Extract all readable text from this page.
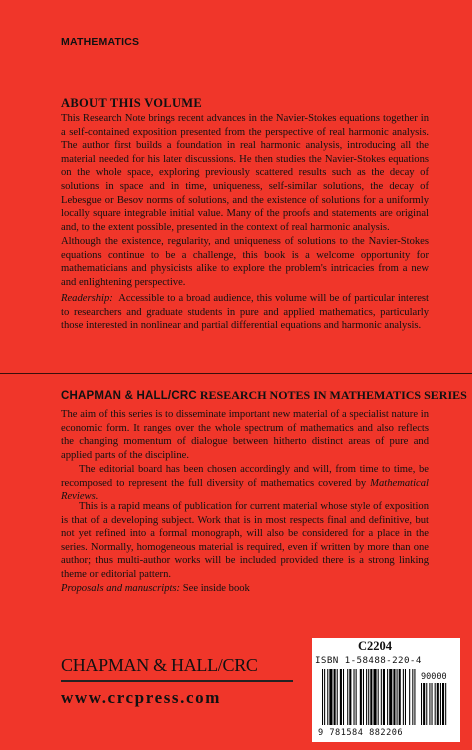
MATHEMATICS
ABOUT THIS VOLUME
This Research Note brings recent advances in the Navier-Stokes equations together in a self-contained exposition presented from the perspective of real harmonic analysis. The author first builds a foundation in real harmonic analysis, introducing all the material needed for his later discussions. He then studies the Navier-Stokes equations on the whole space, exploring previously scattered results such as the decay of solutions in space and in time, uniqueness, self-similar solutions, the decay of Lebesgue or Besov norms of solutions, and the existence of solutions for a uniformly locally square integrable initial value. Many of the proofs and statements are original and, to the extent possible, presented in the context of real harmonic analysis.
Although the existence, regularity, and uniqueness of solutions to the Navier-Stokes equations continue to be a challenge, this book is a welcome opportunity for mathematicians and physicists alike to explore the problem's intricacies from a new and enlightening perspective.
Readership: Accessible to a broad audience, this volume will be of particular interest to researchers and graduate students in pure and applied mathematics, particularly those interested in nonlinear and partial differential equations and harmonic analysis.
CHAPMAN & HALL/CRC RESEARCH NOTES IN MATHEMATICS SERIES
The aim of this series is to disseminate important new material of a specialist nature in economic form. It ranges over the whole spectrum of mathematics and also reflects the changing momentum of dialogue between hitherto distinct areas of pure and applied parts of the discipline.
The editorial board has been chosen accordingly and will, from time to time, be recomposed to represent the full diversity of mathematics covered by Mathematical Reviews.
This is a rapid means of publication for current material whose style of exposition is that of a developing subject. Work that is in most respects final and definitive, but not yet refined into a formal monograph, will also be considered for a place in the series. Normally, homogeneous material is required, even if written by more than one author; thus multi-author works will be included provided there is a strong linking theme or editorial pattern.
Proposals and manuscripts: See inside book
CHAPMAN & HALL/CRC
www.crcpress.com
C2204
ISBN 1-58488-220-4
90000
9 781584 882206
